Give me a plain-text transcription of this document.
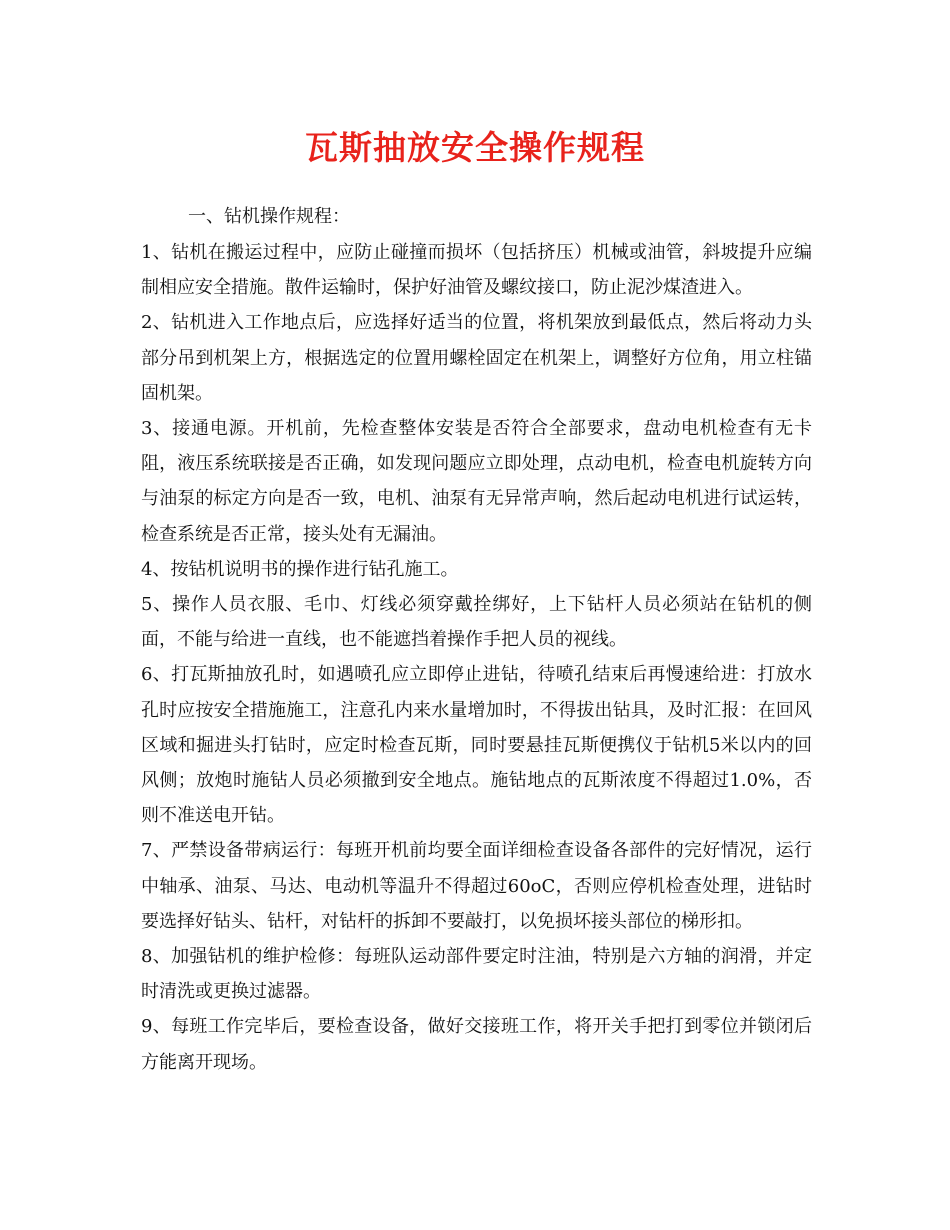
瓦斯抽放安全操作规程
一、钻机操作规程：

1、钻机在搬运过程中，应防止碰撞而损坏（包括挤压）机械或油管，斜坡提升应编制相应安全措施。散件运输时，保护好油管及螺纹接口，防止泥沙煤渣进入。

2、钻机进入工作地点后，应选择好适当的位置，将机架放到最低点，然后将动力头部分吊到机架上方，根据选定的位置用螺栓固定在机架上，调整好方位角，用立柱锚固机架。

3、接通电源。开机前，先检查整体安装是否符合全部要求，盘动电机检查有无卡阻，液压系统联接是否正确，如发现问题应立即处理，点动电机，检查电机旋转方向与油泵的标定方向是否一致，电机、油泵有无异常声响，然后起动电机进行试运转，检查系统是否正常，接头处有无漏油。

4、按钻机说明书的操作进行钻孔施工。

5、操作人员衣服、毛巾、灯线必须穿戴拴绑好，上下钻杆人员必须站在钻机的侧面，不能与给进一直线，也不能遮挡着操作手把人员的视线。

6、打瓦斯抽放孔时，如遇喷孔应立即停止进钻，待喷孔结束后再慢速给进：打放水孔时应按安全措施施工，注意孔内来水量增加时，不得拔出钻具，及时汇报：在回风区域和掘进头打钻时，应定时检查瓦斯，同时要悬挂瓦斯便携仪于钻机5米以内的回风侧；放炮时施钻人员必须撤到安全地点。施钻地点的瓦斯浓度不得超过1.0%，否则不准送电开钻。

7、严禁设备带病运行：每班开机前均要全面详细检查设备各部件的完好情况，运行中轴承、油泵、马达、电动机等温升不得超过60oC，否则应停机检查处理，进钻时要选择好钻头、钻杆，对钻杆的拆卸不要敲打，以免损坏接头部位的梯形扣。

8、加强钻机的维护检修：每班队运动部件要定时注油，特别是六方轴的润滑，并定时清洗或更换过滤器。

9、每班工作完毕后，要检查设备，做好交接班工作，将开关手把打到零位并锁闭后方能离开现场。
